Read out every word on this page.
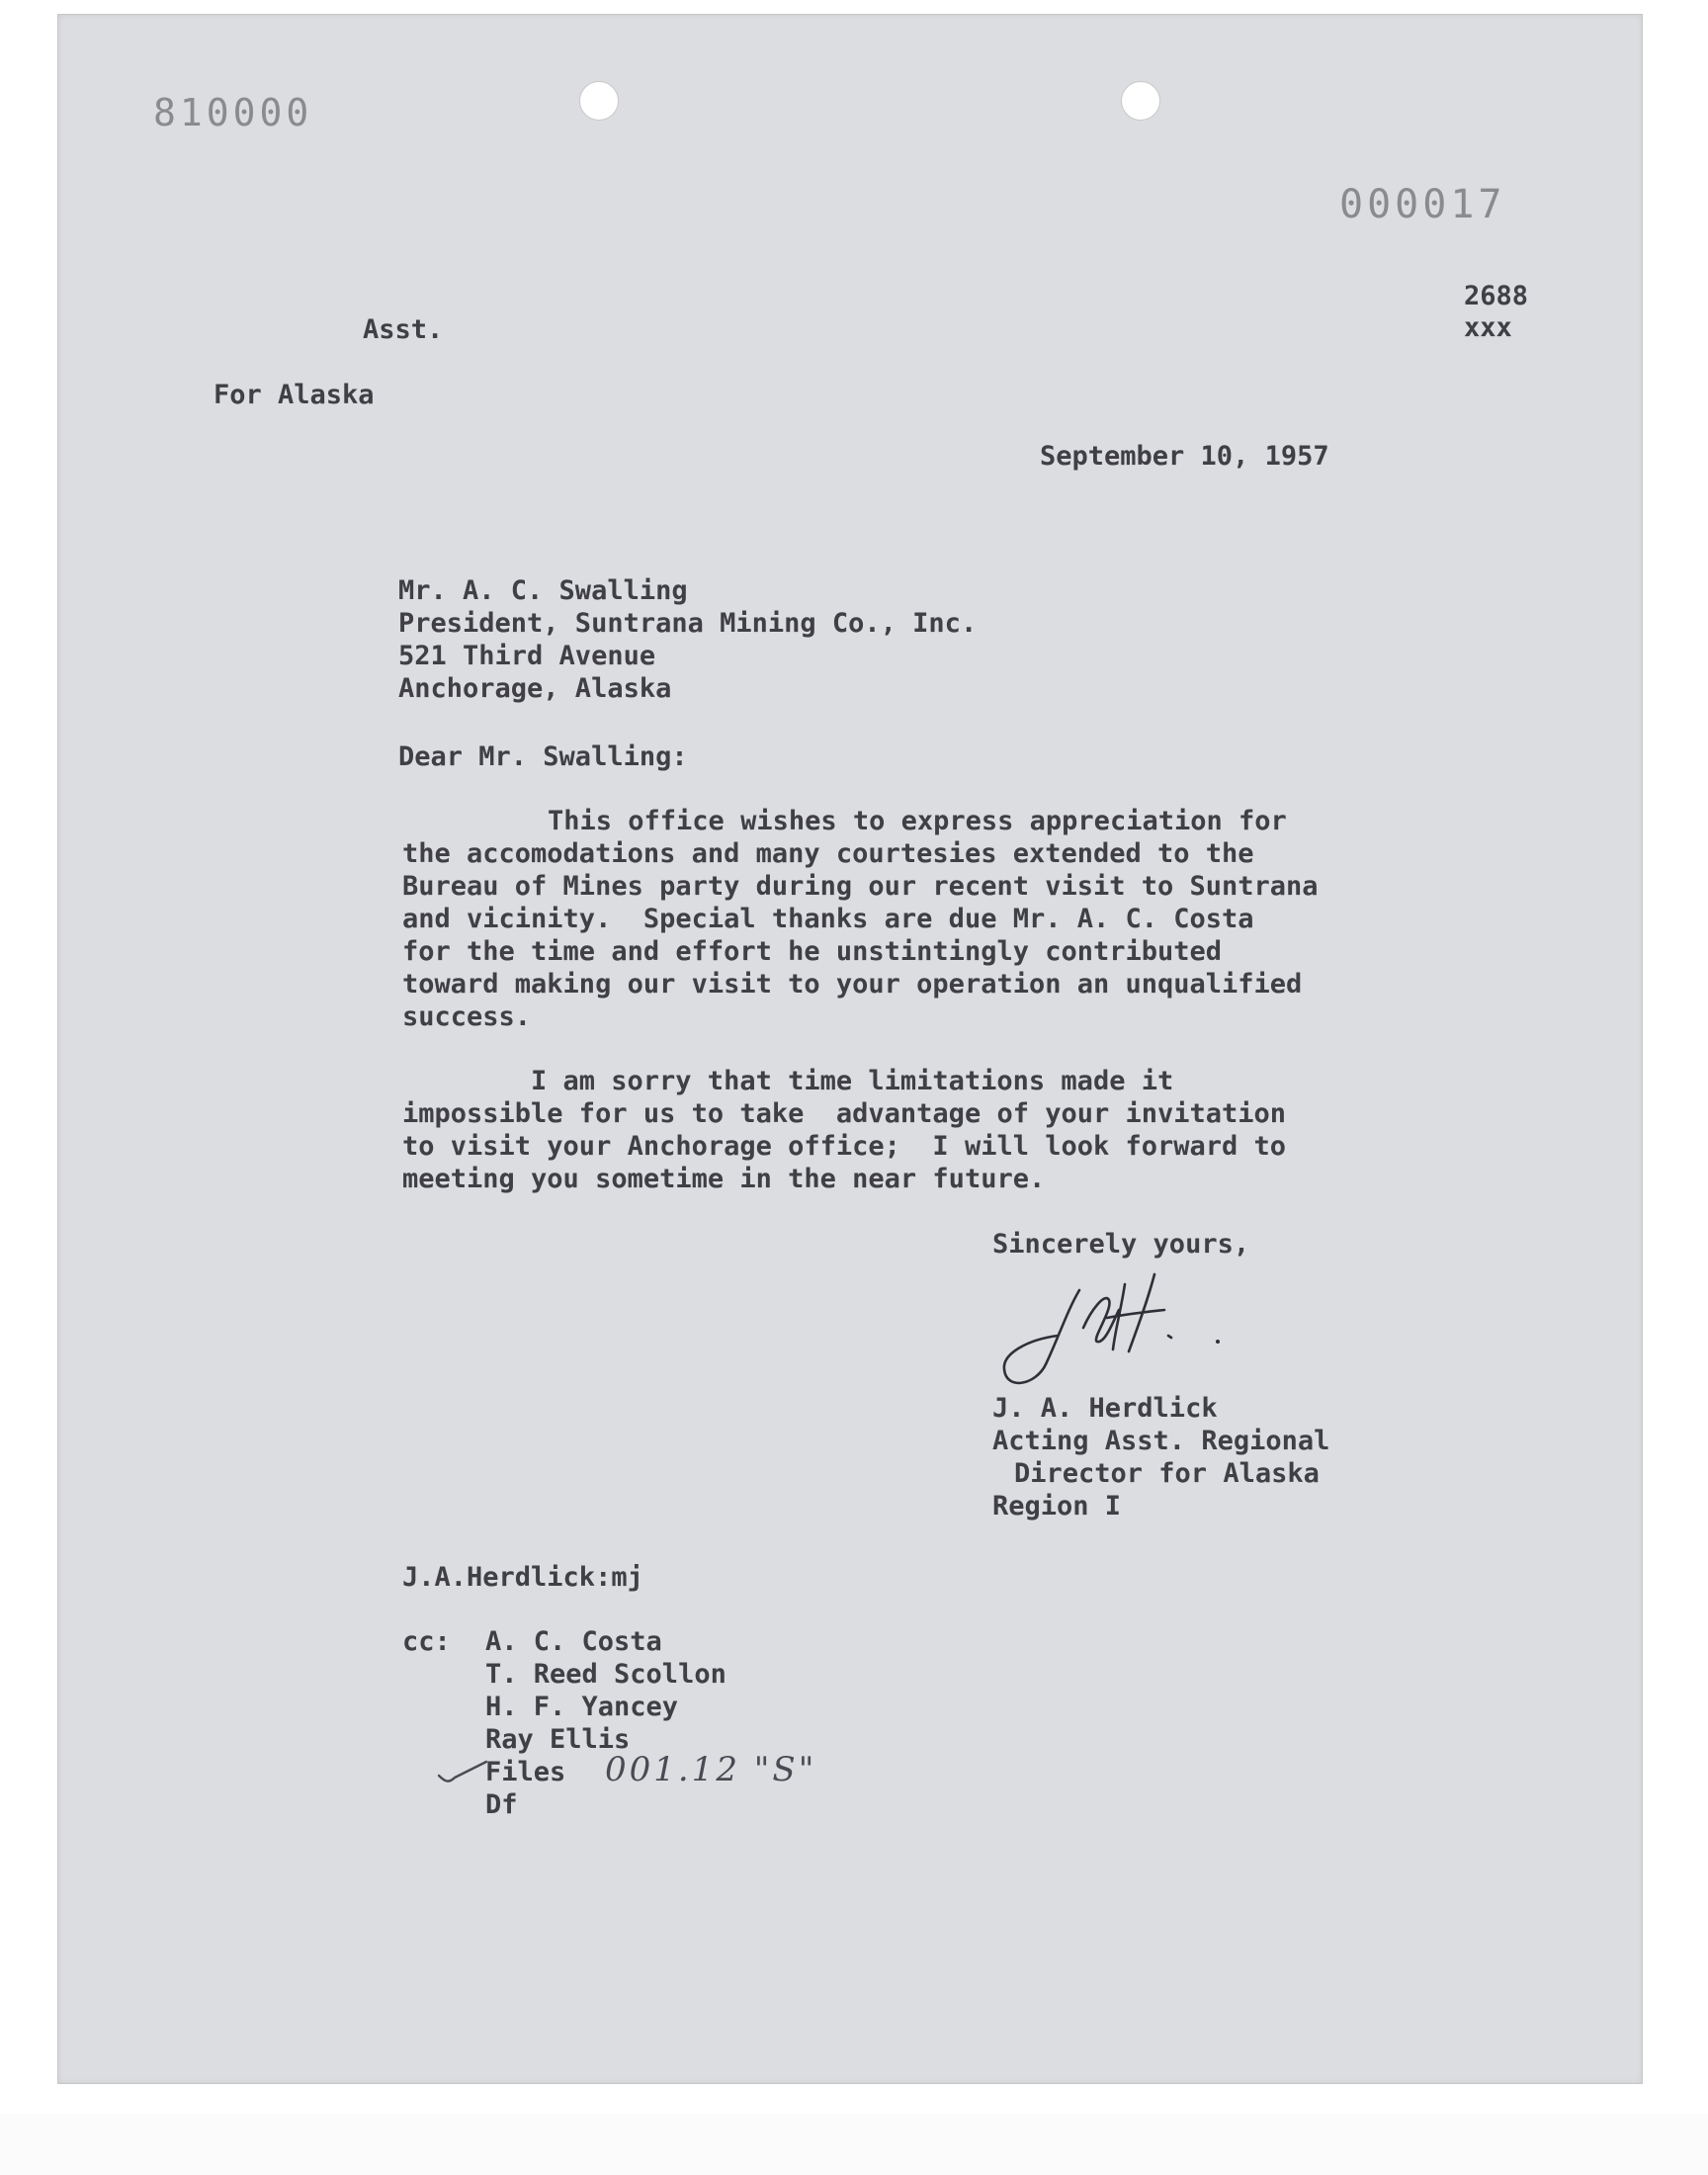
810000
000017
2688
xxx
Asst.
For Alaska
September 10, 1957
Mr. A. C. Swalling
President, Suntrana Mining Co., Inc.
521 Third Avenue
Anchorage, Alaska
Dear Mr. Swalling:
This office wishes to express appreciation for
the accomodations and many courtesies extended to the
Bureau of Mines party during our recent visit to Suntrana
and vicinity.  Special thanks are due Mr. A. C. Costa
for the time and effort he unstintingly contributed
toward making our visit to your operation an unqualified
success.
I am sorry that time limitations made it
impossible for us to take  advantage of your invitation
to visit your Anchorage office;  I will look forward to
meeting you sometime in the near future.
Sincerely yours,
J. A. Herdlick
Acting Asst. Regional
Director for Alaska
Region I
J.A.Herdlick:mj
cc: A. C. Costa
T. Reed Scollon
H. F. Yancey
Ray Ellis
Files
Df
001.12 "S"
